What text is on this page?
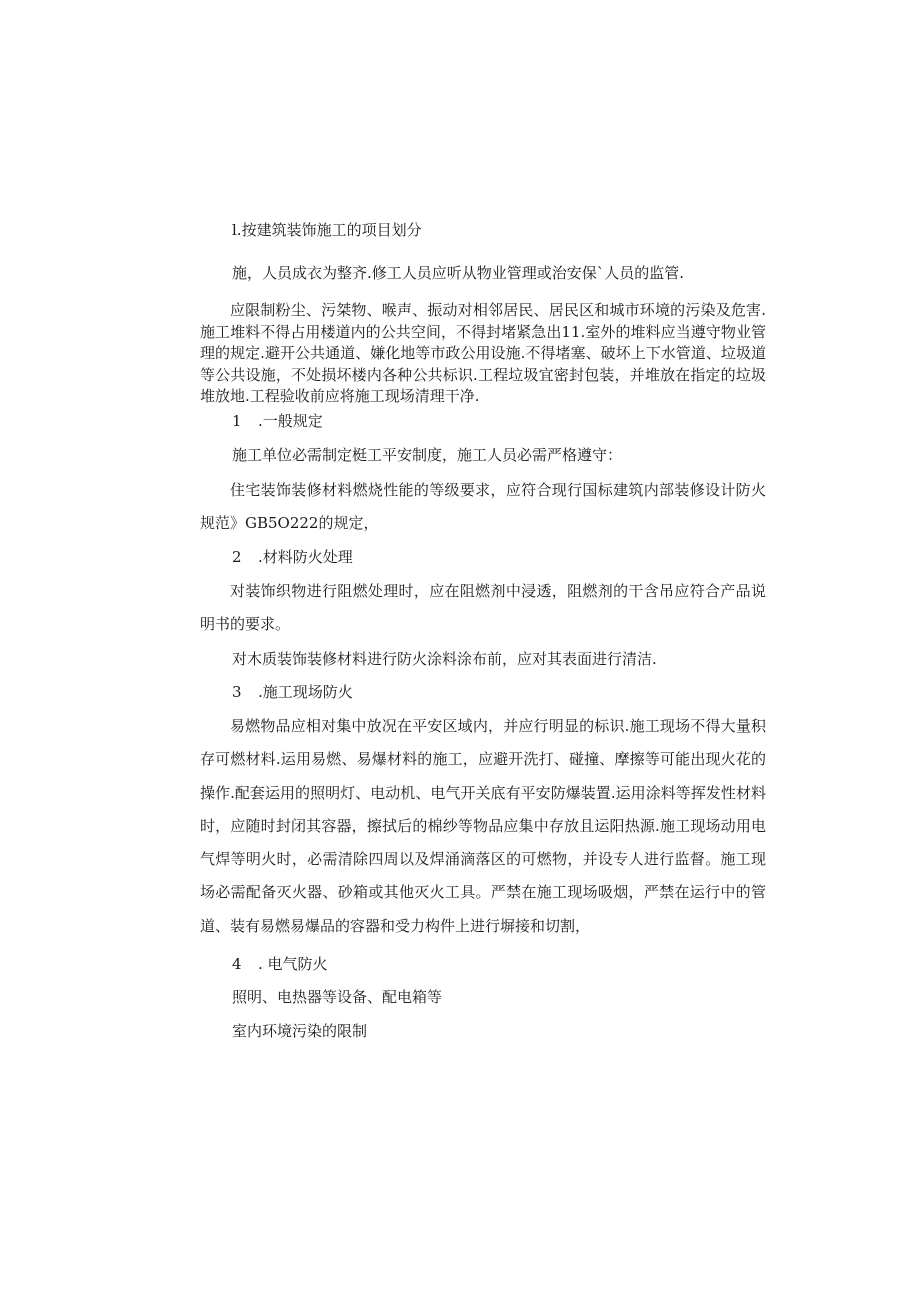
l.按建筑装饰施工的项目划分
施，人员成衣为整齐.修工人员应听从物业管理或治安保`人员的监管.
应限制粉尘、污桀物、喉声、振动对相邻居民、居民区和城市环境的污染及危害.施工堆料不得占用楼道内的公共空间，不得封堵紧急出11.室外的堆料应当遵守物业管理的规定.避开公共通道、嫌化地等市政公用设施.不得堵塞、破坏上下水管道、垃圾道等公共设施，不处损坏楼内各种公共标识.工程垃圾宜密封包装，并堆放在指定的垃圾堆放地.工程验收前应将施工现场清理干净.
1 .一般规定
施工单位必需制定梃工平安制度，施工人员必需严格遵守：
住宅装饰装修材料燃烧性能的等级要求，应符合现行国标建筑内部装修设计防火规范》GB5O222的规定，
2 .材料防火处理
对装饰织物进行阻燃处理时，应在阻燃剂中浸透，阻燃剂的干含吊应符合产品说明书的要求。
对木质装饰装修材料进行防火涂料涂布前，应对其表面进行清洁.
3 .施工现场防火
易燃物品应相对集中放况在平安区域内，并应行明显的标识.施工现场不得大量积存可燃材料.运用易燃、易爆材料的施工，应避开洗打、碰撞、摩擦等可能出现火花的操作.配套运用的照明灯、电动机、电气开关底有平安防爆装置.运用涂料等挥发性材料时，应随时封闭其容器，擦拭后的棉纱等物品应集中存放且运阳热源.施工现场动用电气焊等明火时，必需清除四周以及焊涌滴落区的可燃物，并设专人进行监督。施工现场必需配备灭火器、砂箱或其他灭火工具。严禁在施工现场吸烟，严禁在运行中的管道、装有易燃易爆品的容器和受力构件上进行塀接和切割，
4 . 电气防火
照明、电热器等设备、配电箱等
室内环境污染的限制
